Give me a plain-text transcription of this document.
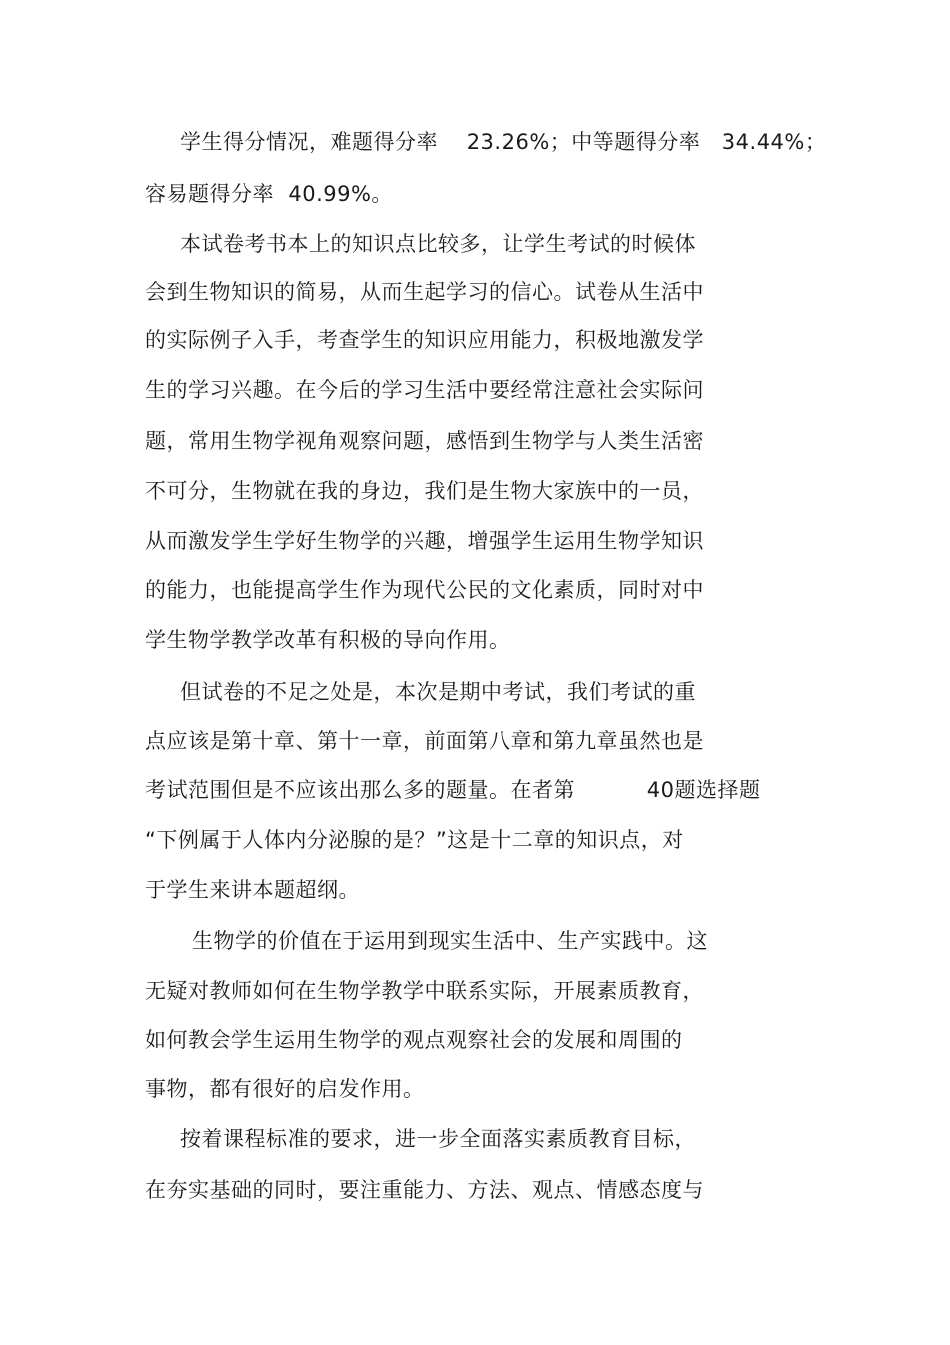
学生得分情况，难题得分率    23.26%；中等题得分率   34.44%；
容易题得分率  40.99%。
本试卷考书本上的知识点比较多，让学生考试的时候体
会到生物知识的简易，从而生起学习的信心。试卷从生活中
的实际例子入手，考查学生的知识应用能力，积极地激发学
生的学习兴趣。在今后的学习生活中要经常注意社会实际问
题，常用生物学视角观察问题，感悟到生物学与人类生活密
不可分，生物就在我的身边，我们是生物大家族中的一员，
从而激发学生学好生物学的兴趣，增强学生运用生物学知识
的能力，也能提高学生作为现代公民的文化素质，同时对中
学生物学教学改革有积极的导向作用。
但试卷的不足之处是，本次是期中考试，我们考试的重
点应该是第十章、第十一章，前面第八章和第九章虽然也是
考试范围但是不应该出那么多的题量。在者第          40题选择题
“下例属于人体内分泌腺的是？”这是十二章的知识点，对
于学生来讲本题超纲。
生物学的价值在于运用到现实生活中、生产实践中。这
无疑对教师如何在生物学教学中联系实际，开展素质教育，
如何教会学生运用生物学的观点观察社会的发展和周围的
事物，都有很好的启发作用。
按着课程标准的要求，进一步全面落实素质教育目标，
在夯实基础的同时，要注重能力、方法、观点、情感态度与
